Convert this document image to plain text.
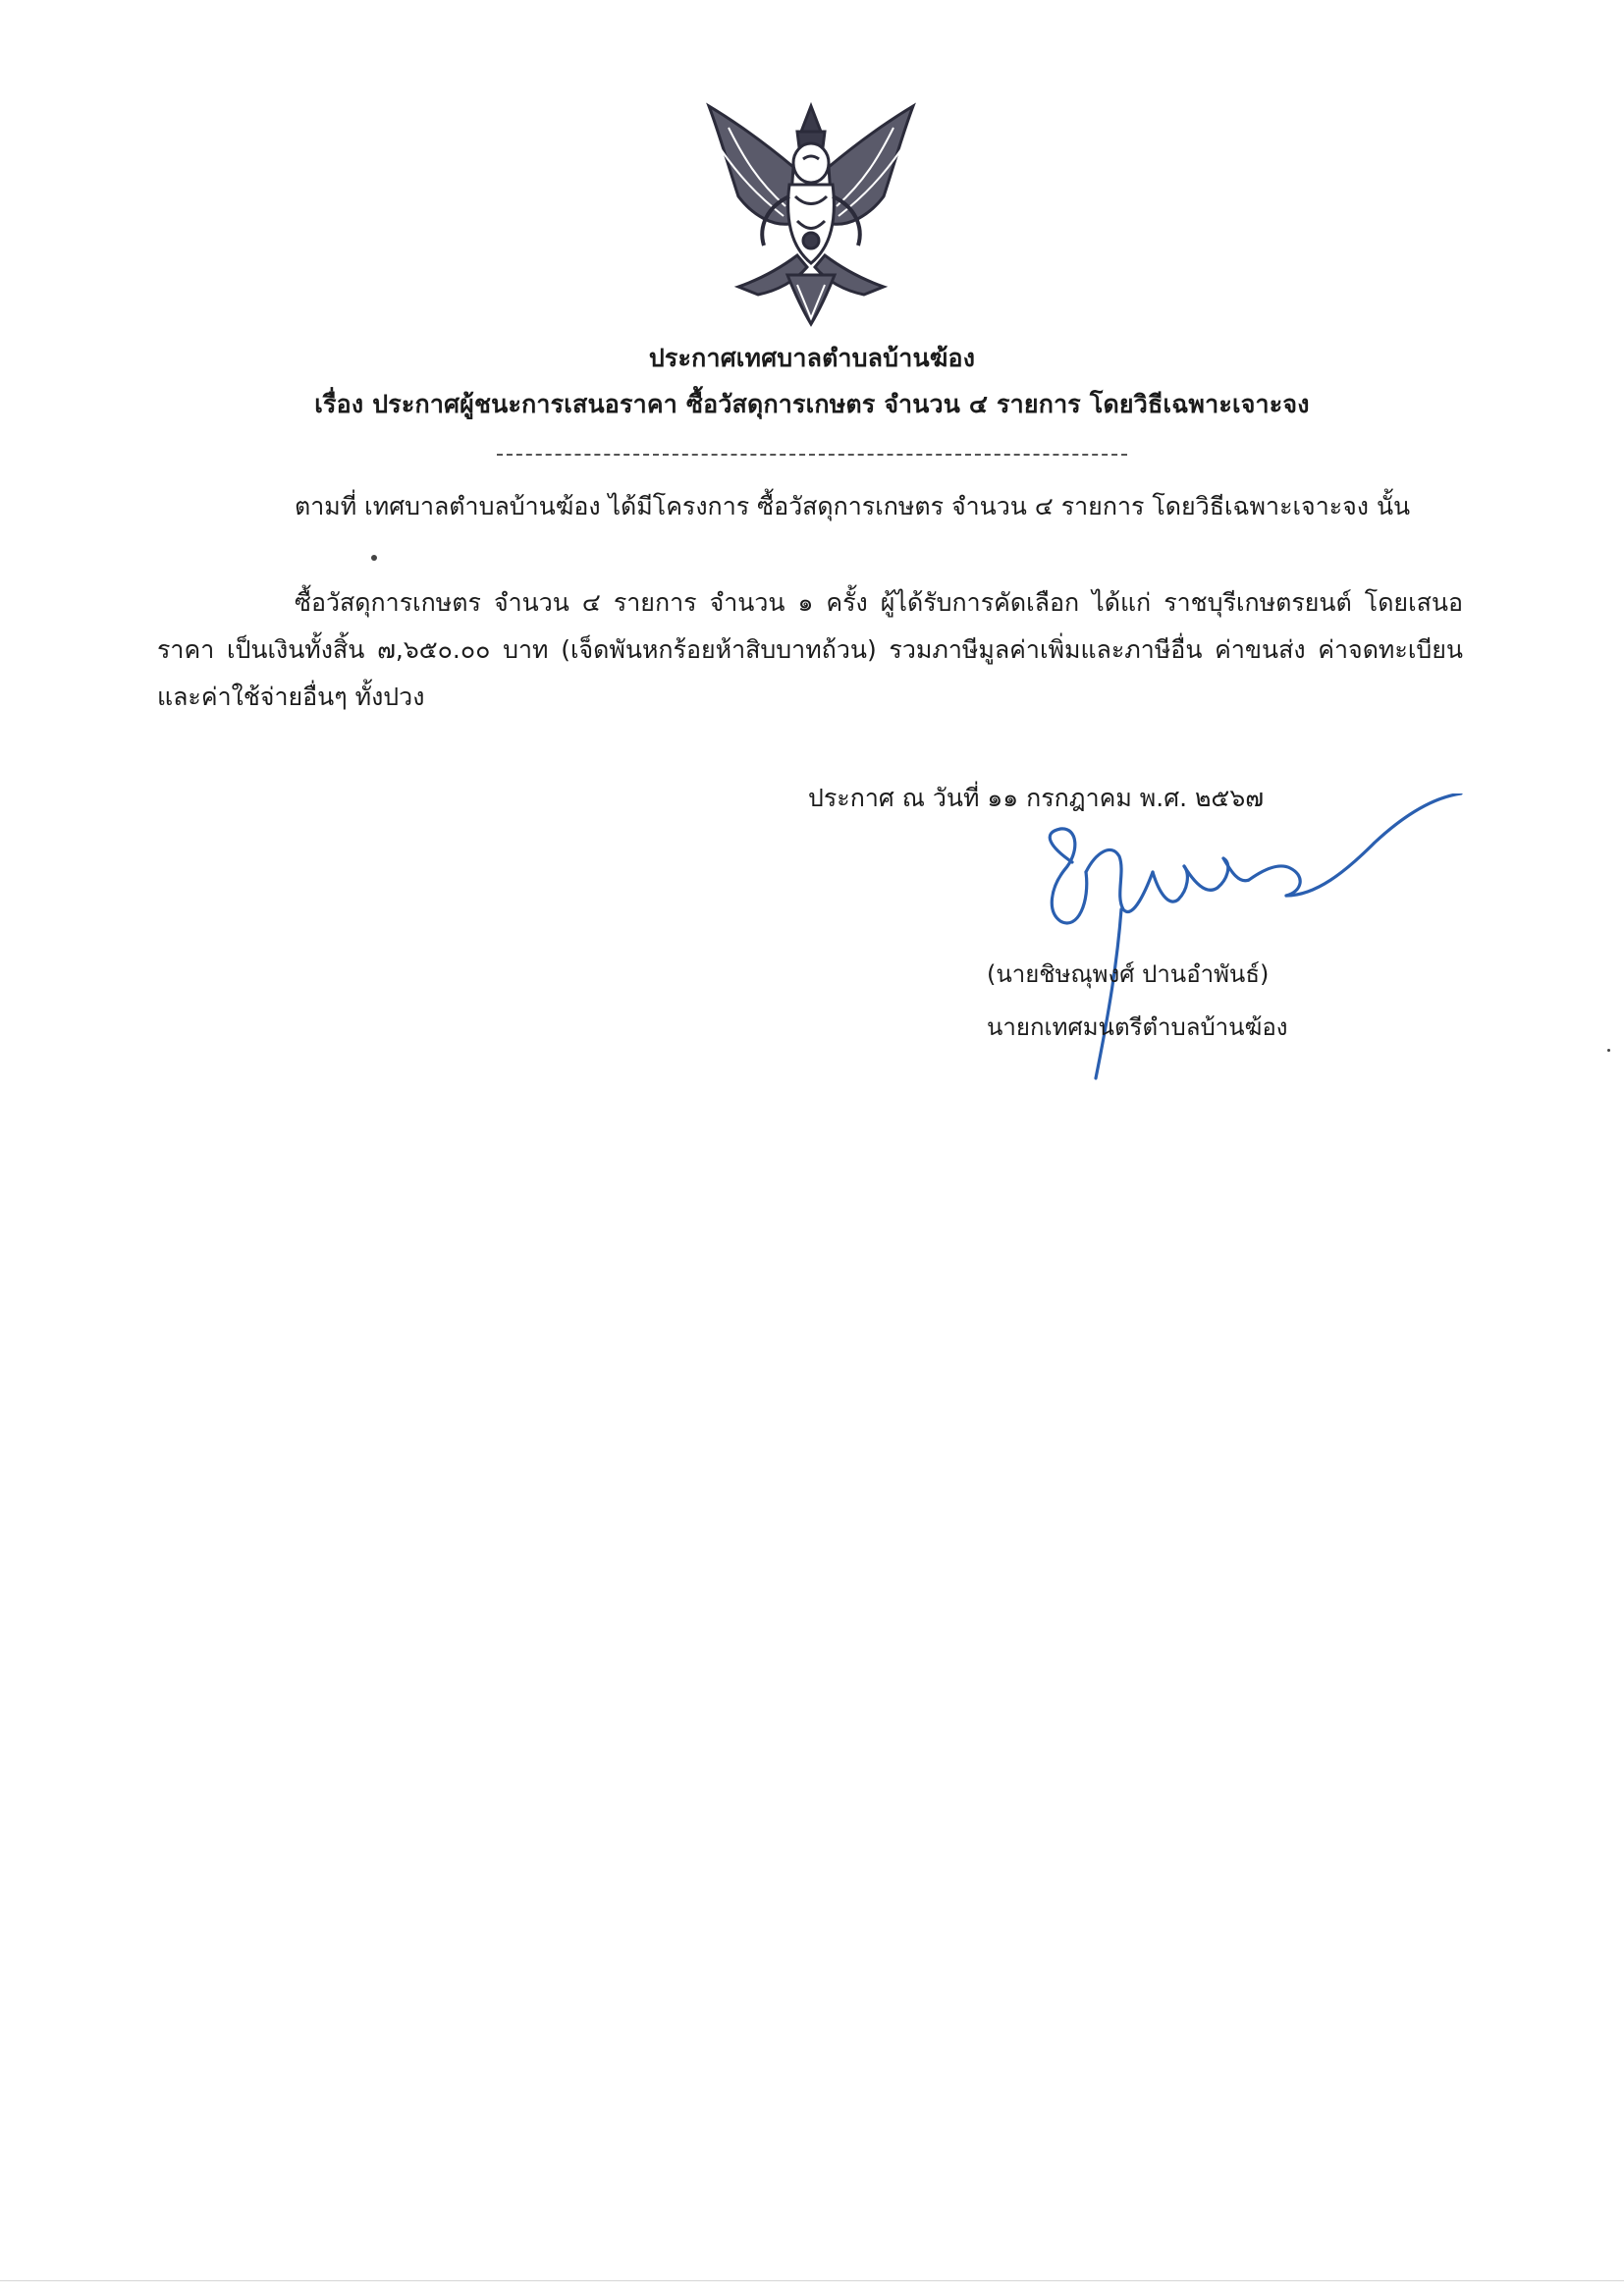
ประกาศเทศบาลตำบลบ้านฆ้อง
เรื่อง ประกาศผู้ชนะการเสนอราคา ซื้อวัสดุการเกษตร จำนวน ๔ รายการ โดยวิธีเฉพาะเจาะจง
ตามที่ เทศบาลตำบลบ้านฆ้อง ได้มีโครงการ ซื้อวัสดุการเกษตร จำนวน ๔ รายการ โดยวิธีเฉพาะเจาะจง นั้น
ซื้อวัสดุการเกษตร จำนวน ๔ รายการ จำนวน ๑ ครั้ง ผู้ได้รับการคัดเลือก ได้แก่ ราชบุรีเกษตรยนต์ โดยเสนอราคา เป็นเงินทั้งสิ้น ๗,๖๕๐.๐๐ บาท (เจ็ดพันหกร้อยห้าสิบบาทถ้วน) รวมภาษีมูลค่าเพิ่มและภาษีอื่น ค่าขนส่ง ค่าจดทะเบียน และค่าใช้จ่ายอื่นๆ ทั้งปวง
ประกาศ ณ วันที่ ๑๑ กรกฎาคม พ.ศ. ๒๕๖๗
(นายชิษณุพงศ์ ปานอำพันธ์)
นายกเทศมนตรีตำบลบ้านฆ้อง
